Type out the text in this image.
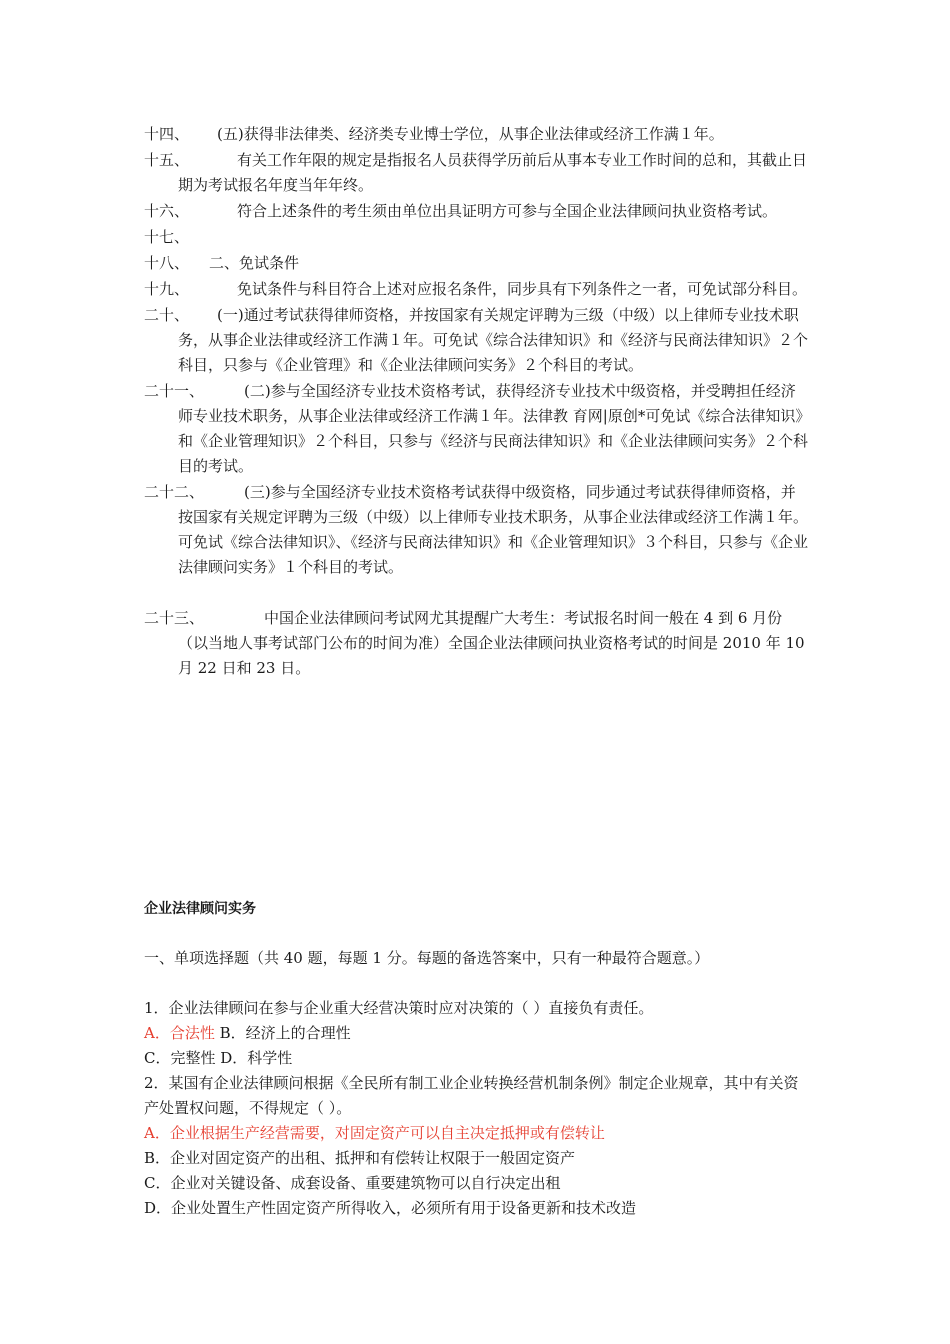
十四、 (五)获得非法律类、经济类专业博士学位，从事企业法律或经济工作满１年。
十五、	有关工作年限的规定是指报名人员获得学历前后从事本专业工作时间的总和，其截止日期为考试报名年度当年年终。
十六、	符合上述条件的考生须由单位出具证明方可参与全国企业法律顾问执业资格考试。
十七、
十八、 二、免试条件
十九、	免试条件与科目符合上述对应报名条件，同步具有下列条件之一者，可免试部分科目。
二十、 (一)通过考试获得律师资格，并按国家有关规定评聘为三级（中级）以上律师专业技术职务，从事企业法律或经济工作满１年。可免试《综合法律知识》和《经济与民商法律知识》２个科目，只参与《企业管理》和《企业法律顾问实务》２个科目的考试。
二十一、	(二)参与全国经济专业技术资格考试，获得经济专业技术中级资格，并受聘担任经济师专业技术职务，从事企业法律或经济工作满１年。法律教 育网|原创*可免试《综合法律知识》和《企业管理知识》２个科目，只参与《经济与民商法律知识》和《企业法律顾问实务》２个科目的考试。
二十二、	(三)参与全国经济专业技术资格考试获得中级资格，同步通过考试获得律师资格，并按国家有关规定评聘为三级（中级）以上律师专业技术职务，从事企业法律或经济工作满１年。可免试《综合法律知识》、《经济与民商法律知识》和《企业管理知识》３个科目，只参与《企业法律顾问实务》１个科目的考试。
二十三、	中国企业法律顾问考试网尤其提醒广大考生：考试报名时间一般在 4 到 6 月份（以当地人事考试部门公布的时间为准）全国企业法律顾问执业资格考试的时间是 2010 年 10 月 22 日和 23 日。
企业法律顾问实务

一、单项选择题（共 40 题，每题 1 分。每题的备选答案中，只有一种最符合题意。）

1．企业法律顾问在参与企业重大经营决策时应对决策的（ ）直接负有责任。

A．合法性 B．经济上的合理性

C．完整性 D．科学性

2．某国有企业法律顾问根据《全民所有制工业企业转换经营机制条例》制定企业规章，其中有关资产处置权问题，不得规定（ ）。

A．企业根据生产经营需要，对固定资产可以自主决定抵押或有偿转让

B．企业对固定资产的出租、抵押和有偿转让权限于一般固定资产

C．企业对关键设备、成套设备、重要建筑物可以自行决定出租

D．企业处置生产性固定资产所得收入，必须所有用于设备更新和技术改造
